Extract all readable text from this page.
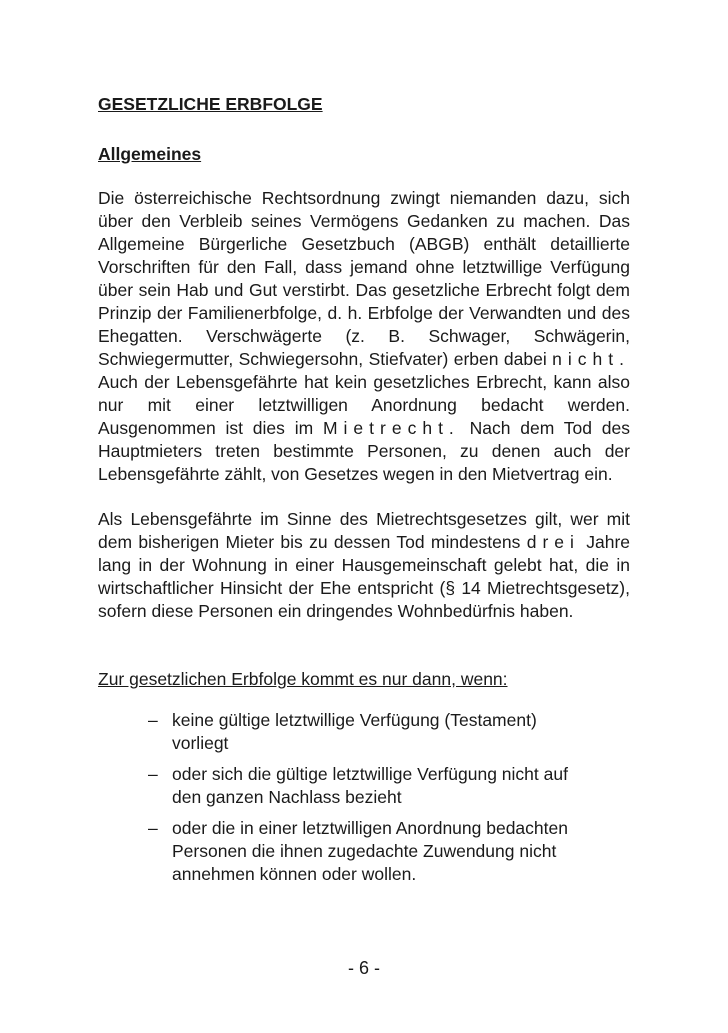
GESETZLICHE ERBFOLGE
Allgemeines

Die österreichische Rechtsordnung zwingt niemanden dazu, sich über den Verbleib seines Vermögens Gedanken zu machen. Das Allgemeine Bürgerliche Gesetzbuch (ABGB) enthält detaillierte Vorschriften für den Fall, dass jemand ohne letztwillige Verfügung über sein Hab und Gut verstirbt. Das gesetzliche Erbrecht folgt dem Prinzip der Familienerbfolge, d. h. Erbfolge der Verwandten und des Ehegatten. Verschwägerte (z. B. Schwager, Schwägerin, Schwiegermutter, Schwiegersohn, Stiefvater) erben dabei nicht. Auch der Lebensgefährte hat kein gesetzliches Erbrecht, kann also nur mit einer letztwilligen Anordnung bedacht werden. Ausgenommen ist dies im Mietrecht. Nach dem Tod des Hauptmieters treten bestimmte Personen, zu denen auch der Lebensgefährte zählt, von Gesetzes wegen in den Mietvertrag ein.

Als Lebensgefährte im Sinne des Mietrechtsgesetzes gilt, wer mit dem bisherigen Mieter bis zu dessen Tod mindestens drei Jahre lang in der Wohnung in einer Hausgemeinschaft gelebt hat, die in wirtschaftlicher Hinsicht der Ehe entspricht (§ 14 Mietrechtsgesetz), sofern diese Personen ein dringendes Wohnbedürfnis haben.

Zur gesetzlichen Erbfolge kommt es nur dann, wenn:
– keine gültige letztwillige Verfügung (Testament) vorliegt
– oder sich die gültige letztwillige Verfügung nicht auf den ganzen Nachlass bezieht
– oder die in einer letztwilligen Anordnung bedachten Personen die ihnen zugedachte Zuwendung nicht annehmen können oder wollen.
- 6 -
